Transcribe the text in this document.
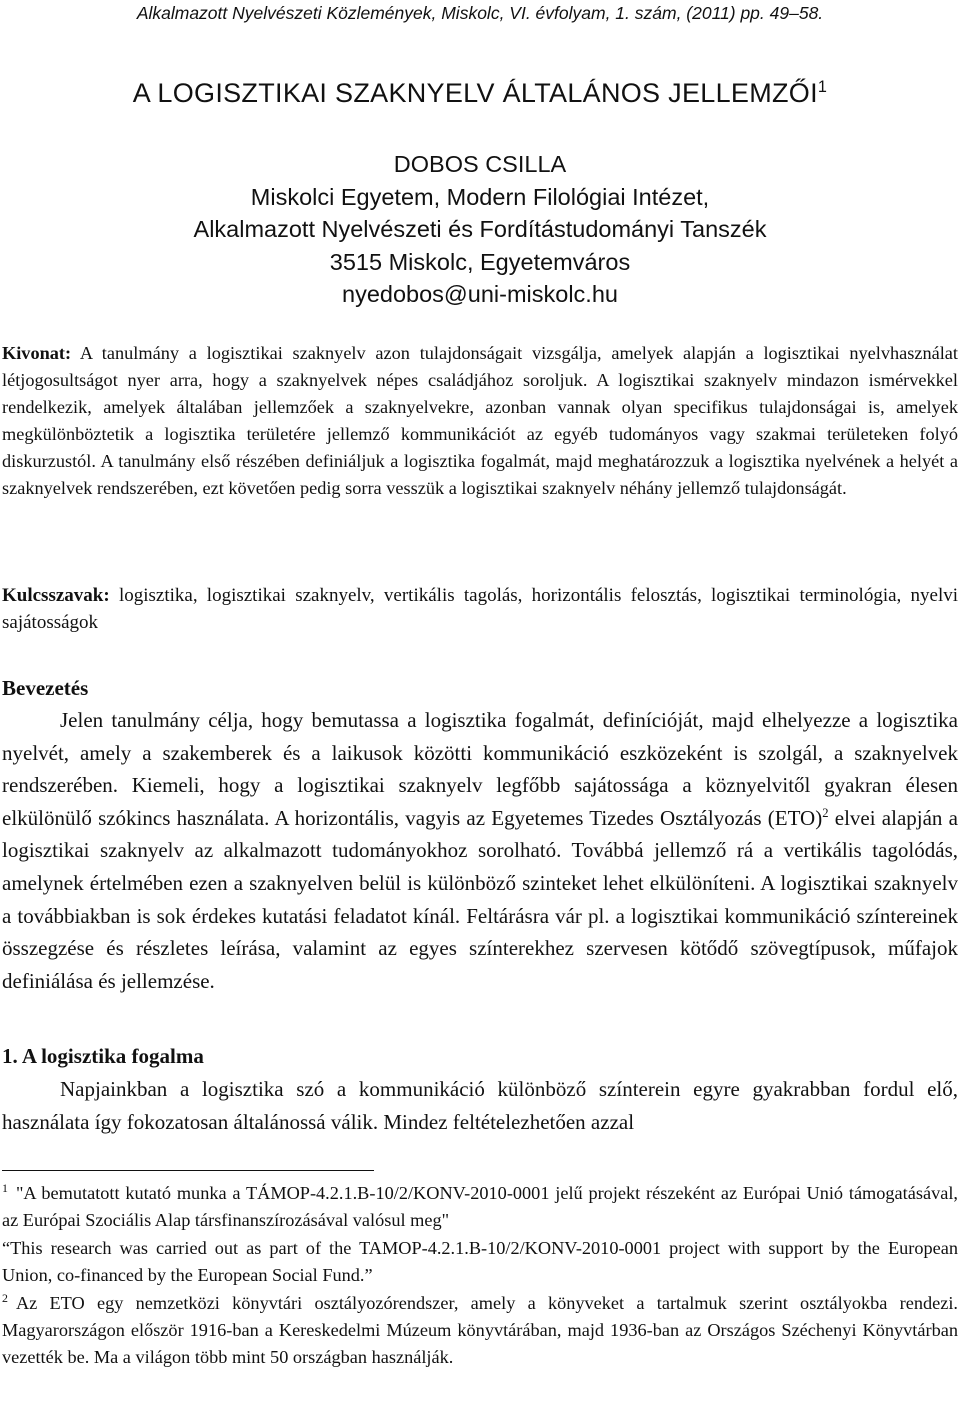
Alkalmazott Nyelvészeti Közlemények, Miskolc, VI. évfolyam, 1. szám, (2011) pp. 49–58.
A LOGISZTIKAI SZAKNYELV ÁLTALÁNOS JELLEMZŐI$^1$
DOBOS CSILLA
Miskolci Egyetem, Modern Filológiai Intézet,
Alkalmazott Nyelvészeti és Fordítástudományi Tanszék
3515 Miskolc, Egyetemváros
nyedobos@uni-miskolc.hu
Kivonat: A tanulmány a logisztikai szaknyelv azon tulajdonságait vizsgálja, amelyek alapján a logisztikai nyelvhasználat létjogosultságot nyer arra, hogy a szaknyelvek népes családjához soroljuk. A logisztikai szaknyelv mindazon ismérvekkel rendelkezik, amelyek általában jellemzőek a szaknyelvekre, azonban vannak olyan specifikus tulajdonságai is, amelyek megkülönböztetik a logisztika területére jellemző kommunikációt az egyéb tudományos vagy szakmai területeken folyó diskurzustól. A tanulmány első részében definiáljuk a logisztika fogalmát, majd meghatározzuk a logisztika nyelvének a helyét a szaknyelvek rendszerében, ezt követően pedig sorra vesszük a logisztikai szaknyelv néhány jellemző tulajdonságát.
Kulcsszavak: logisztika, logisztikai szaknyelv, vertikális tagolás, horizontális felosztás, logisztikai terminológia, nyelvi sajátosságok
Bevezetés
Jelen tanulmány célja, hogy bemutassa a logisztika fogalmát, definícióját, majd elhelyezze a logisztika nyelvét, amely a szakemberek és a laikusok közötti kommunikáció eszközeként is szolgál, a szaknyelvek rendszerében. Kiemeli, hogy a logisztikai szaknyelv legfőbb sajátossága a köznyelvitől gyakran élesen elkülönülő szókincs használata. A horizontális, vagyis az Egyetemes Tizedes Osztályozás (ETO)$^2$ elvei alapján a logisztikai szaknyelv az alkalmazott tudományokhoz sorolható. Továbbá jellemző rá a vertikális tagolódás, amelynek értelmében ezen a szaknyelven belül is különböző szinteket lehet elkülöníteni. A logisztikai szaknyelv a továbbiakban is sok érdekes kutatási feladatot kínál. Feltárásra vár pl. a logisztikai kommunikáció színtereinek összegzése és részletes leírása, valamint az egyes színterekhez szervesen kötődő szövegtípusok, műfajok definiálása és jellemzése.
1. A logisztika fogalma
Napjainkban a logisztika szó a kommunikáció különböző színterein egyre gyakrabban fordul elő, használata így fokozatosan általánossá válik. Mindez feltételezhetően azzal

$^1$ "A bemutatott kutató munka a TÁMOP-4.2.1.B-10/2/KONV-2010-0001 jelű projekt részeként az Európai Unió támogatásával, az Európai Szociális Alap társfinanszírozásával valósul meg"

“This research was carried out as part of the TAMOP-4.2.1.B-10/2/KONV-2010-0001 project with support by the European Union, co-financed by the European Social Fund.”

$^2$ Az ETO egy nemzetközi könyvtári osztályozórendszer, amely a könyveket a tartalmuk szerint osztályokba rendezi. Magyarországon először 1916-ban a Kereskedelmi Múzeum könyvtárában, majd 1936-ban az Országos Széchenyi Könyvtárban vezették be. Ma a világon több mint 50 országban használják.
